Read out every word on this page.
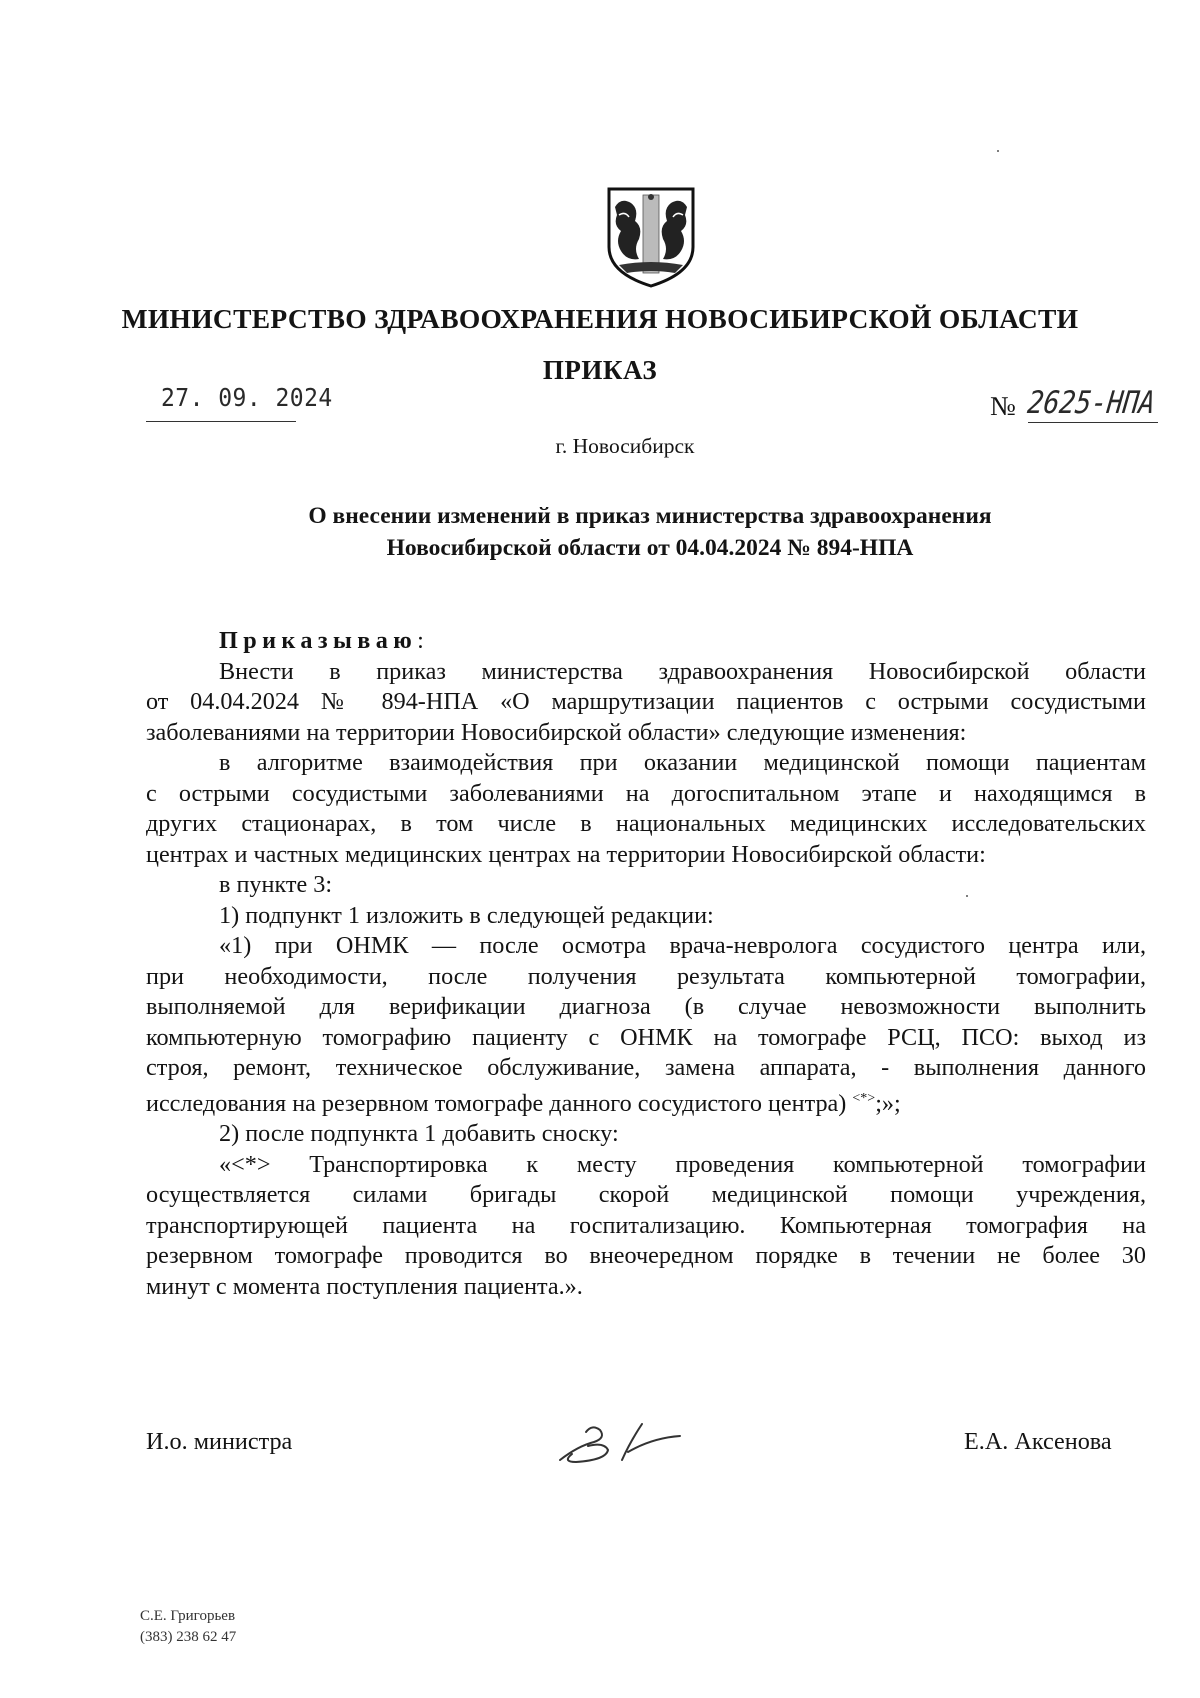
МИНИСТЕРСТВО ЗДРАВООХРАНЕНИЯ НОВОСИБИРСКОЙ ОБЛАСТИ
ПРИКАЗ
27. 09. 2024	№ 2625-НПА
г. Новосибирск
О внесении изменений в приказ министерства здравоохранения
Новосибирской области от 04.04.2024 № 894-НПА

Приказываю:

Внести в приказ министерства здравоохранения Новосибирской области
от 04.04.2024 № 894-НПА «О маршрутизации пациентов с острыми сосудистыми
заболеваниями на территории Новосибирской области» следующие изменения:

в алгоритме взаимодействия при оказании медицинской помощи пациентам
с острыми сосудистыми заболеваниями на догоспитальном этапе и находящимся в
других стационарах, в том числе в национальных медицинских исследовательских
центрах и частных медицинских центрах на территории Новосибирской области:

в пункте 3:

1) подпункт 1 изложить в следующей редакции:

«1) при ОНМК — после осмотра врача-невролога сосудистого центра или,
при необходимости, после получения результата компьютерной томографии,
выполняемой для верификации диагноза (в случае невозможности выполнить
компьютерную томографию пациенту с ОНМК на томографе РСЦ, ПСО: выход из
строя, ремонт, техническое обслуживание, замена аппарата, - выполнения данного
исследования на резервном томографе данного сосудистого центра) <*>;»;

2) после подпункта 1 добавить сноску:

«<*> Транспортировка к месту проведения компьютерной томографии
осуществляется силами бригады скорой медицинской помощи учреждения,
транспортирующей пациента на госпитализацию. Компьютерная томография на
резервном томографе проводится во внеочередном порядке в течении не более 30
минут с момента поступления пациента.».

И.о. министра	Е.А. Аксенова
С.Е. Григорьев
(383) 238 62 47
